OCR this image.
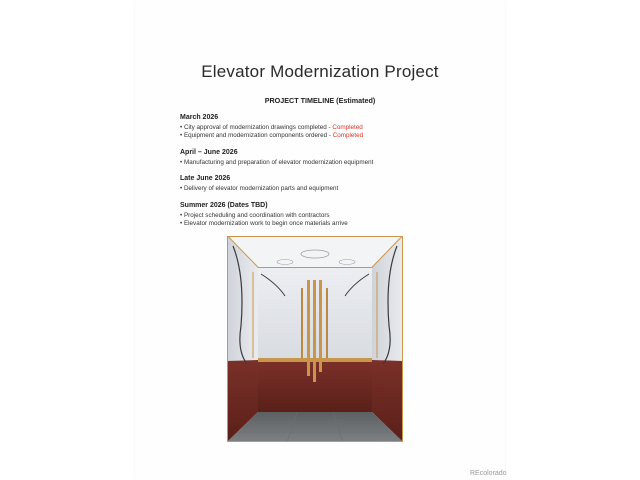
Elevator Modernization Project
PROJECT TIMELINE (Estimated)
March 2026
• City approval of modernization drawings completed - Completed
• Equipment and modernization components ordered - Completed
April – June 2026
• Manufacturing and preparation of elevator modernization equipment
Late June 2026
• Delivery of elevator modernization parts and equipment
Summer 2026 (Dates TBD)
• Project scheduling and coordination with contractors
• Elevator modernization work to begin once materials arrive
REcolorado
